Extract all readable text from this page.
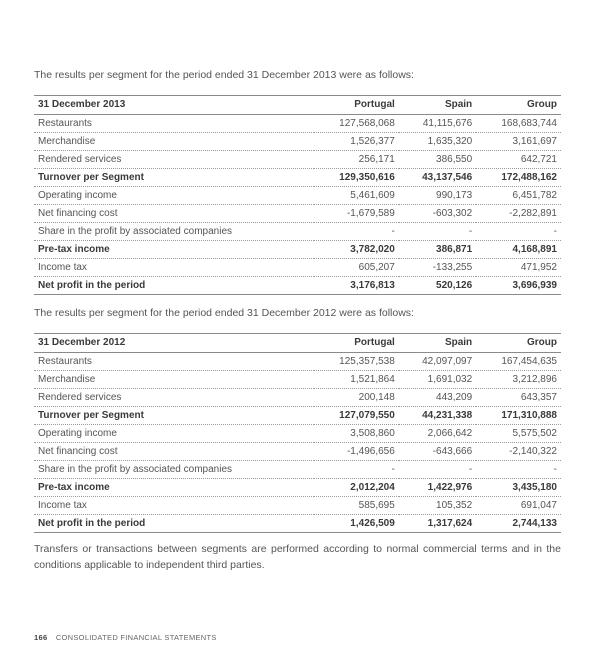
The results per segment for the period ended 31 December 2013 were as follows:

31 December 2013	Portugal	Spain	Group
Restaurants	127,568,068	41,115,676	168,683,744
Merchandise	1,526,377	1,635,320	3,161,697
Rendered services	256,171	386,550	642,721
Turnover per Segment	129,350,616	43,137,546	172,488,162
Operating income	5,461,609	990,173	6,451,782
Net financing cost	-1,679,589	-603,302	-2,282,891
Share in the profit by associated companies	-	-	-
Pre-tax income	3,782,020	386,871	4,168,891
Income tax	605,207	-133,255	471,952
Net profit in the period	3,176,813	520,126	3,696,939

The results per segment for the period ended 31 December 2012 were as follows:

31 December 2012	Portugal	Spain	Group
Restaurants	125,357,538	42,097,097	167,454,635
Merchandise	1,521,864	1,691,032	3,212,896
Rendered services	200,148	443,209	643,357
Turnover per Segment	127,079,550	44,231,338	171,310,888
Operating income	3,508,860	2,066,642	5,575,502
Net financing cost	-1,496,656	-643,666	-2,140,322
Share in the profit by associated companies	-	-	-
Pre-tax income	2,012,204	1,422,976	3,435,180
Income tax	585,695	105,352	691,047
Net profit in the period	1,426,509	1,317,624	2,744,133

Transfers or transactions between segments are performed according to normal commercial terms and in the conditions applicable to independent third parties.

166 CONSOLIDATED FINANCIAL STATEMENTS
